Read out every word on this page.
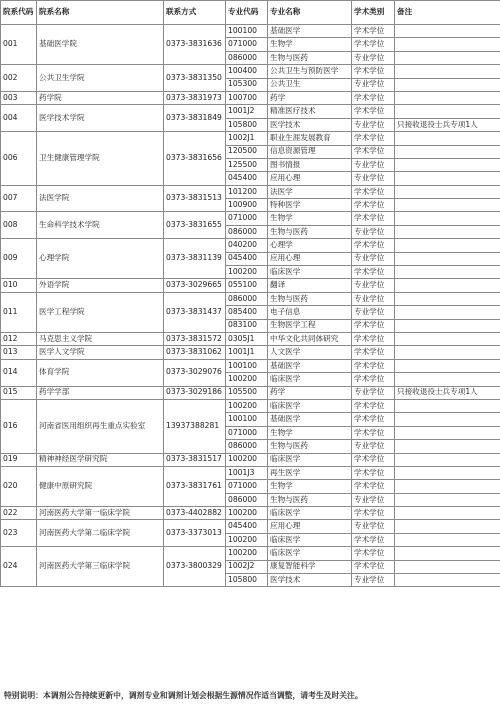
院系代码	院系名称	联系方式	专业代码	专业名称	学术类别	备注
001	基础医学院	0373-3831636	100100	基础医学	学术学位	
			071000	生物学	学术学位	
			086000	生物与医药	专业学位	
002	公共卫生学院	0373-3831350	100400	公共卫生与预防医学	学术学位	
			105300	公共卫生	专业学位	
003	药学院	0373-3831973	100700	药学	学术学位	
004	医学技术学院	0373-3831849	1001J2	精准医疗技术	学术学位	
			105800	医学技术	专业学位	只接收退役士兵专项1人
006	卫生健康管理学院	0373-3831656	1002J1	职业生涯发展教育	学术学位	
			120500	信息资源管理	学术学位	
			125500	图书情报	专业学位	
			045400	应用心理	专业学位	
007	法医学院	0373-3831513	101200	法医学	学术学位	
			100900	特种医学	学术学位	
008	生命科学技术学院	0373-3831655	071000	生物学	学术学位	
			086000	生物与医药	专业学位	
009	心理学院	0373-3831139	040200	心理学	学术学位	
			045400	应用心理	专业学位	
			100200	临床医学	学术学位	
010	外语学院	0373-3029665	055100	翻译	专业学位	
011	医学工程学院	0373-3831437	086000	生物与医药	专业学位	
			085400	电子信息	专业学位	
			083100	生物医学工程	学术学位	
012	马克思主义学院	0373-3831572	0305J1	中华文化共同体研究	学术学位	
013	医学人文学院	0373-3831062	1001J1	人文医学	学术学位	
014	体育学院	0373-3029076	100100	基础医学	学术学位	
			100200	临床医学	学术学位	
015	药学学部	0373-3029186	105500	药学	专业学位	只接收退役士兵专项1人
016	河南省医用组织再生重点实验室	13937388281	100200	临床医学	学术学位	
			100100	基础医学	学术学位	
			071000	生物学	学术学位	
			086000	生物与医药	专业学位	
019	精神神经医学研究院	0373-3831517	100200	临床医学	学术学位	
020	健康中原研究院	0373-3831761	1001J3	再生医学	学术学位	
			071000	生物学	学术学位	
			086000	生物与医药	专业学位	
022	河南医药大学第一临床学院	0373-4402882	100200	临床医学	学术学位	
023	河南医药大学第二临床学院	0373-3373013	045400	应用心理	专业学位	
			100200	临床医学	学术学位	
024	河南医药大学第三临床学院	0373-3800329	100200	临床医学	学术学位	
			1002J2	康复智能科学	学术学位	
			105800	医学技术	专业学位	
特别说明：本调剂公告持续更新中，调剂专业和调剂计划会根据生源情况作适当调整，请考生及时关注。
